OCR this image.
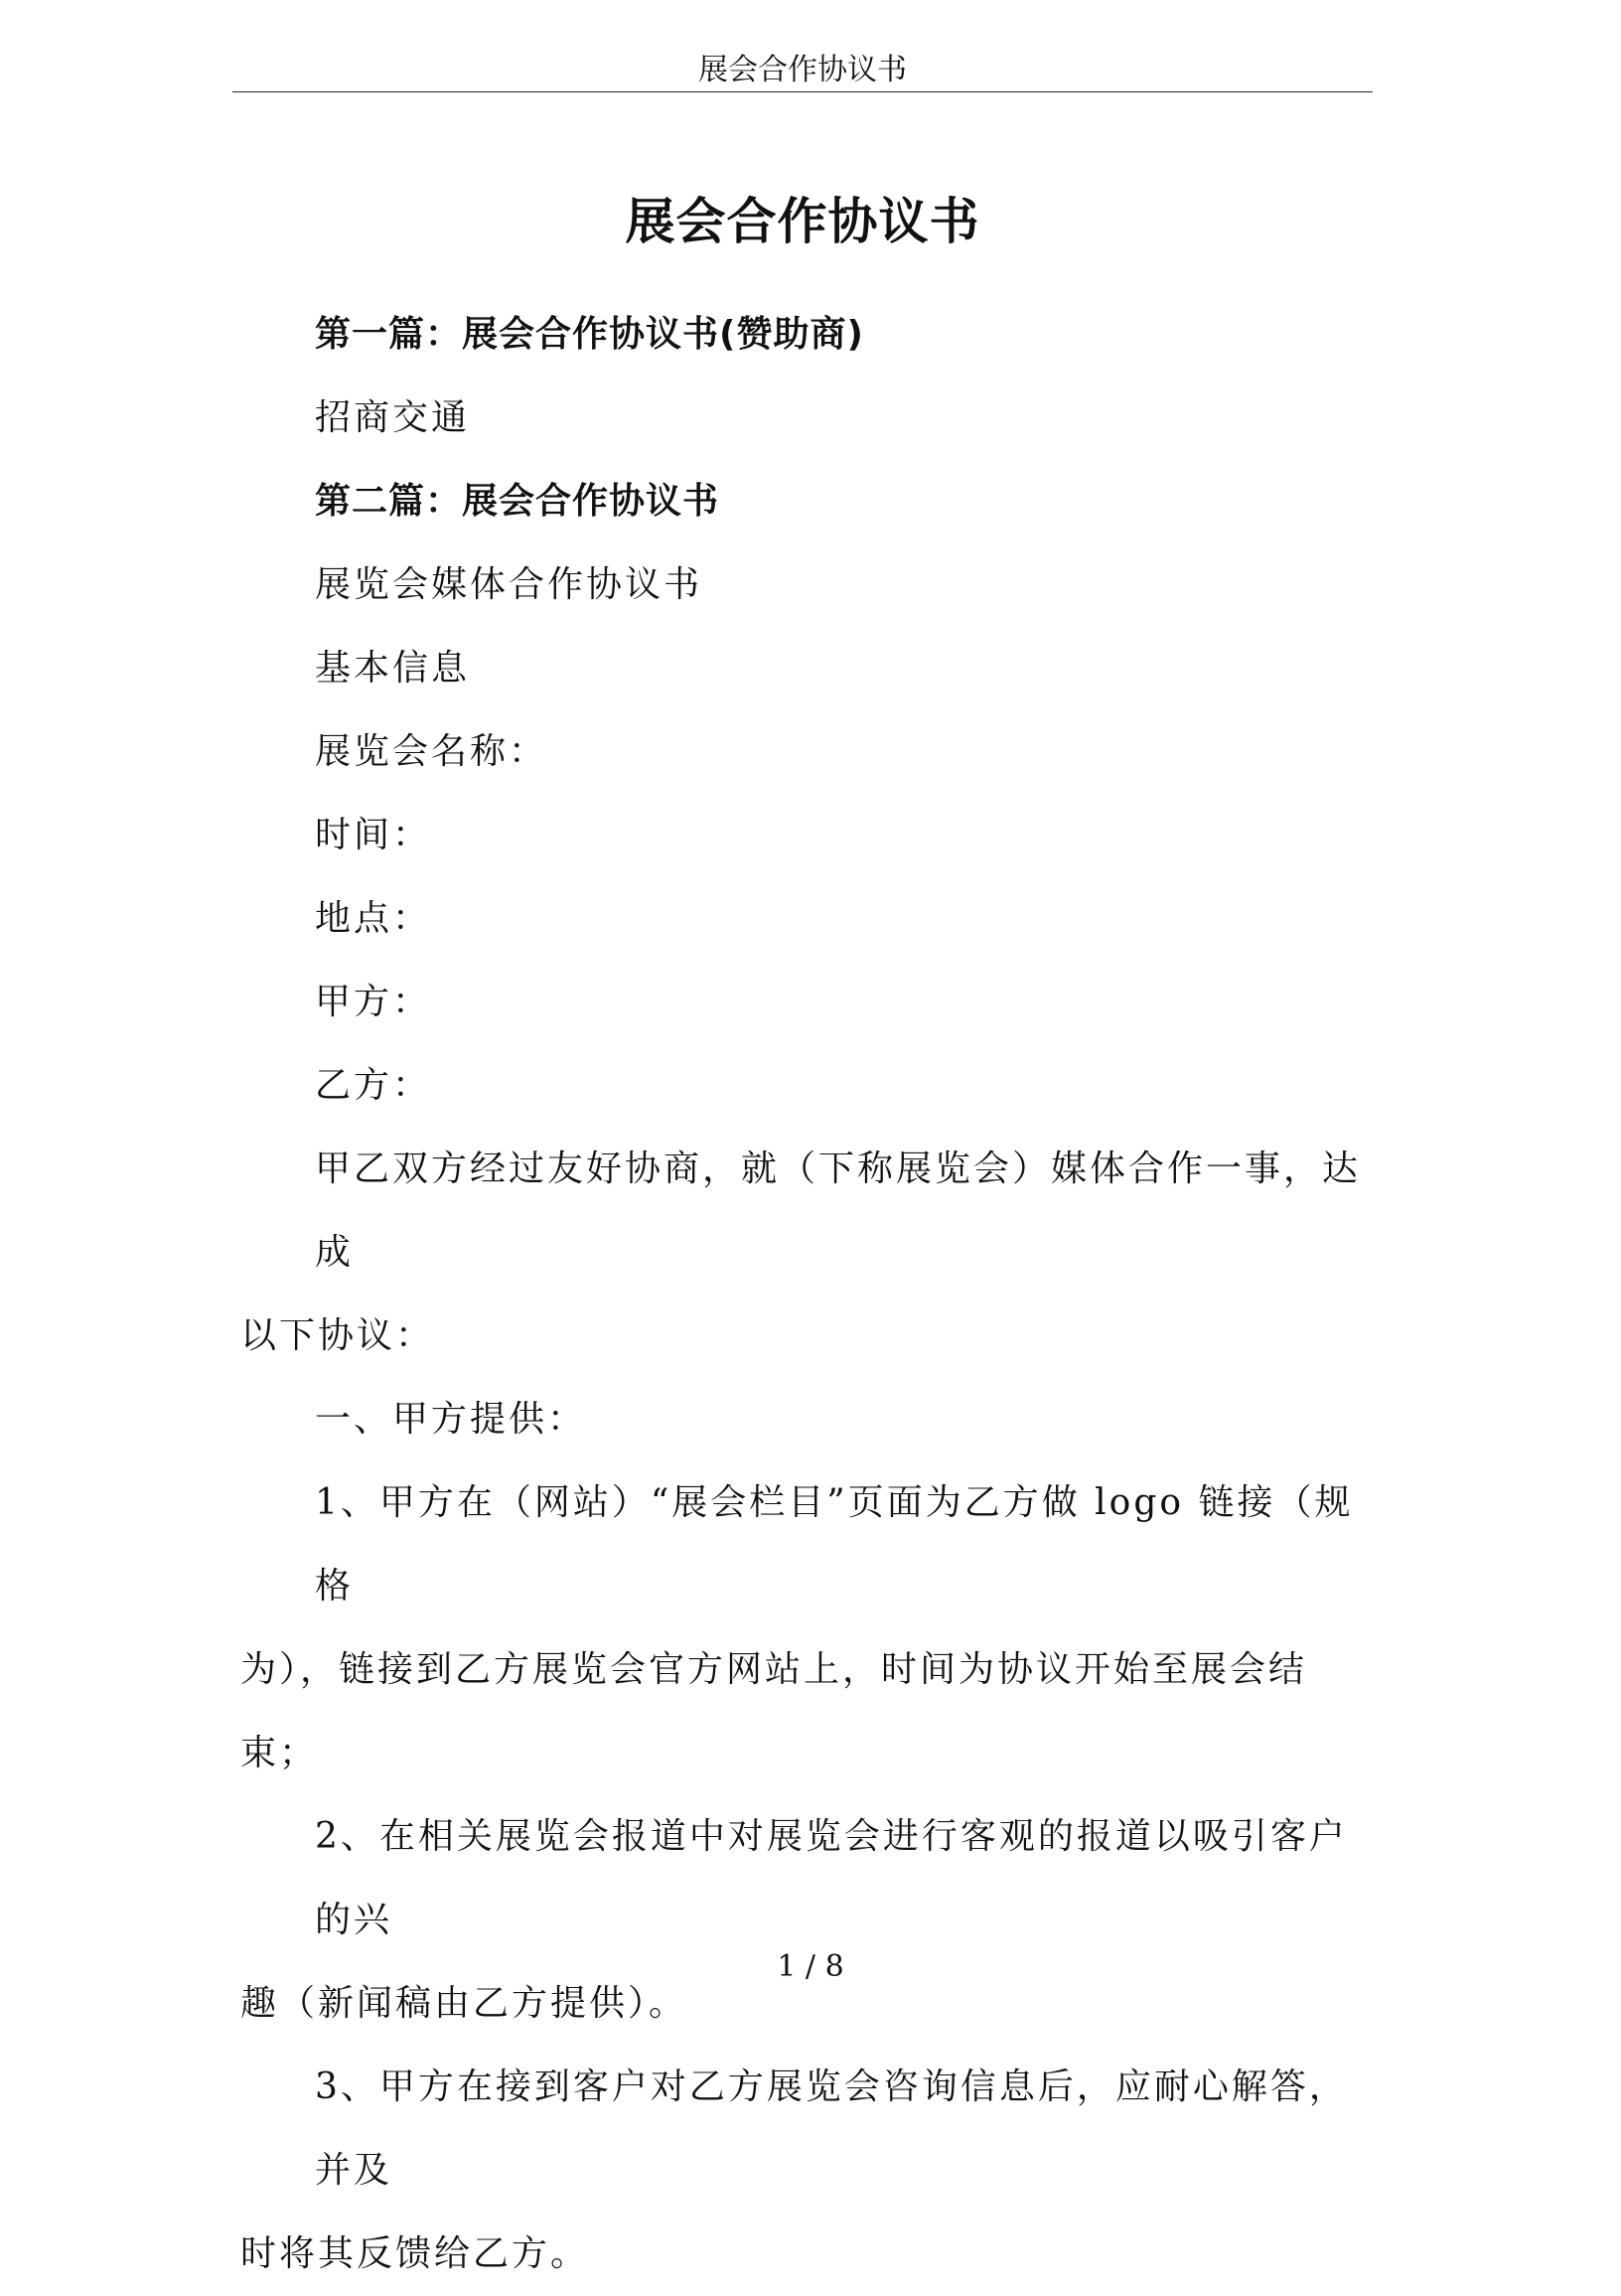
展会合作协议书
展会合作协议书

第一篇：展会合作协议书(赞助商)

招商交通

第二篇：展会合作协议书

展览会媒体合作协议书

基本信息

展览会名称：

时间：

地点：

甲方：

乙方：

甲乙双方经过友好协商，就（下称展览会）媒体合作一事，达成

以下协议：

一、甲方提供：

1、甲方在（网站）“展会栏目”页面为乙方做 logo 链接（规格

为），链接到乙方展览会官方网站上，时间为协议开始至展会结束；

2、在相关展览会报道中对展览会进行客观的报道以吸引客户的兴

趣（新闻稿由乙方提供）。

3、甲方在接到客户对乙方展览会咨询信息后，应耐心解答，并及

时将其反馈给乙方。

1 / 8
